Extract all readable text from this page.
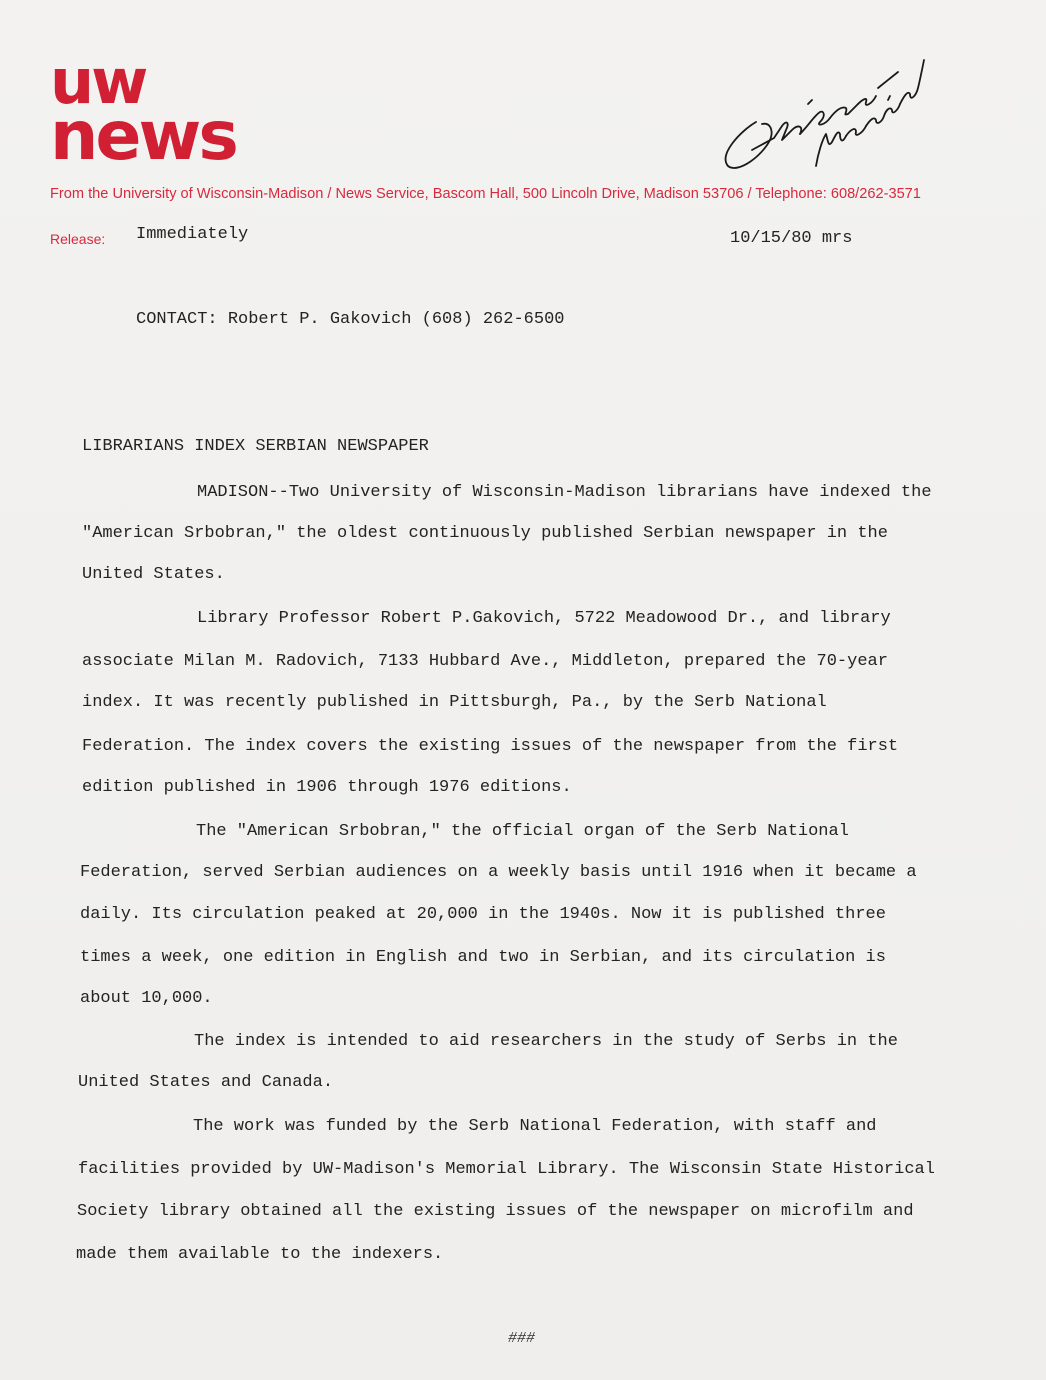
uw
news
From the University of Wisconsin-Madison / News Service, Bascom Hall, 500 Lincoln Drive, Madison 53706 / Telephone: 608/262-3571
Release: Immediately	10/15/80 mrs
CONTACT: Robert P. Gakovich (608) 262-6500
LIBRARIANS INDEX SERBIAN NEWSPAPER
MADISON--Two University of Wisconsin-Madison librarians have indexed the
"American Srbobran," the oldest continuously published Serbian newspaper in the
United States.
Library Professor Robert P.Gakovich, 5722 Meadowood Dr., and library
associate Milan M. Radovich, 7133 Hubbard Ave., Middleton, prepared the 70-year
index. It was recently published in Pittsburgh, Pa., by the Serb National
Federation. The index covers the existing issues of the newspaper from the first
edition published in 1906 through 1976 editions.
The "American Srbobran," the official organ of the Serb National
Federation, served Serbian audiences on a weekly basis until 1916 when it became a
daily. Its circulation peaked at 20,000 in the 1940s. Now it is published three
times a week, one edition in English and two in Serbian, and its circulation is
about 10,000.
The index is intended to aid researchers in the study of Serbs in the
United States and Canada.
The work was funded by the Serb National Federation, with staff and
facilities provided by UW-Madison's Memorial Library. The Wisconsin State Historical
Society library obtained all the existing issues of the newspaper on microfilm and
made them available to the indexers.
###
